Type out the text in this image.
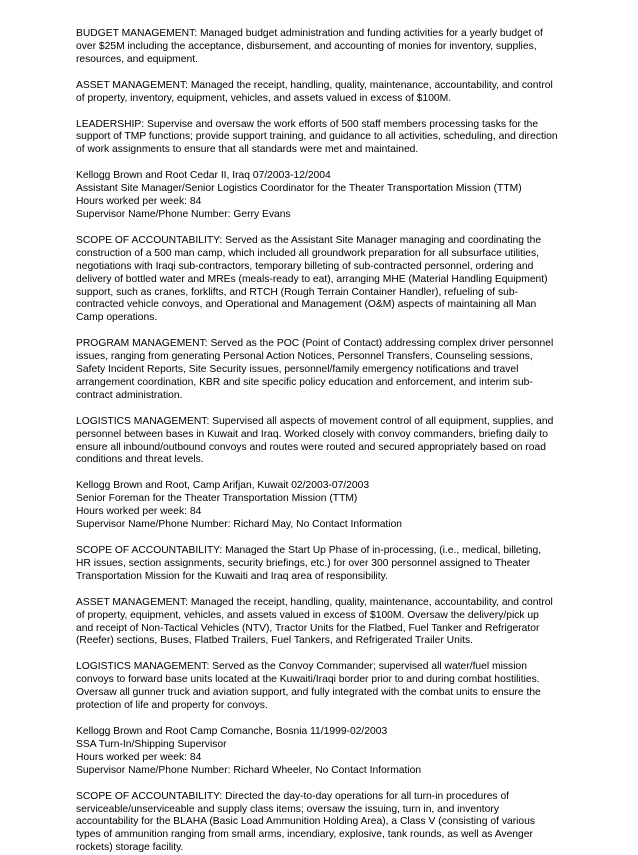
BUDGET MANAGEMENT: Managed budget administration and funding activities for a yearly budget of
over $25M including the acceptance, disbursement, and accounting of monies for inventory, supplies,
resources, and equipment.
ASSET MANAGEMENT: Managed the receipt, handling, quality, maintenance, accountability, and control
of property, inventory, equipment, vehicles, and assets valued in excess of $100M.
LEADERSHIP: Supervise and oversaw the work efforts of 500 staff members processing tasks for the
support of TMP functions; provide support training, and guidance to all activities, scheduling, and direction
of work assignments to ensure that all standards were met and maintained.
Kellogg Brown and Root Cedar II, Iraq 07/2003-12/2004
Assistant Site Manager/Senior Logistics Coordinator for the Theater Transportation Mission (TTM)
Hours worked per week: 84
Supervisor Name/Phone Number: Gerry Evans
SCOPE OF ACCOUNTABILITY: Served as the Assistant Site Manager managing and coordinating the
construction of a 500 man camp, which included all groundwork preparation for all subsurface utilities,
negotiations with Iraqi sub-contractors, temporary billeting of sub-contracted personnel, ordering and
delivery of bottled water and MREs (meals-ready to eat), arranging MHE (Material Handling Equipment)
support, such as cranes, forklifts, and RTCH (Rough Terrain Container Handler), refueling of sub-
contracted vehicle convoys, and Operational and Management (O&M) aspects of maintaining all Man
Camp operations.
PROGRAM MANAGEMENT: Served as the POC (Point of Contact) addressing complex driver personnel
issues, ranging from generating Personal Action Notices, Personnel Transfers, Counseling sessions,
Safety Incident Reports, Site Security issues, personnel/family emergency notifications and travel
arrangement coordination, KBR and site specific policy education and enforcement, and interim sub-
contract administration.
LOGISTICS MANAGEMENT: Supervised all aspects of movement control of all equipment, supplies, and
personnel between bases in Kuwait and Iraq. Worked closely with convoy commanders, briefing daily to
ensure all inbound/outbound convoys and routes were routed and secured appropriately based on road
conditions and threat levels.
Kellogg Brown and Root, Camp Arifjan, Kuwait 02/2003-07/2003
Senior Foreman for the Theater Transportation Mission (TTM)
Hours worked per week: 84
Supervisor Name/Phone Number: Richard May, No Contact Information
SCOPE OF ACCOUNTABILITY: Managed the Start Up Phase of in-processing, (i.e., medical, billeting,
HR issues, section assignments, security briefings, etc.) for over 300 personnel assigned to Theater
Transportation Mission for the Kuwaiti and Iraq area of responsibility.
ASSET MANAGEMENT: Managed the receipt, handling, quality, maintenance, accountability, and control
of property, equipment, vehicles, and assets valued in excess of $100M. Oversaw the delivery/pick up
and receipt of Non-Tactical Vehicles (NTV), Tractor Units for the Flatbed, Fuel Tanker and Refrigerator
(Reefer) sections, Buses, Flatbed Trailers, Fuel Tankers, and Refrigerated Trailer Units.
LOGISTICS MANAGEMENT: Served as the Convoy Commander; supervised all water/fuel mission
convoys to forward base units located at the Kuwaiti/Iraqi border prior to and during combat hostilities.
Oversaw all gunner truck and aviation support, and fully integrated with the combat units to ensure the
protection of life and property for convoys.
Kellogg Brown and Root Camp Comanche, Bosnia 11/1999-02/2003
SSA Turn-In/Shipping Supervisor
Hours worked per week: 84
Supervisor Name/Phone Number: Richard Wheeler, No Contact Information
SCOPE OF ACCOUNTABILITY: Directed the day-to-day operations for all turn-in procedures of
serviceable/unserviceable and supply class items; oversaw the issuing, turn in, and inventory
accountability for the BLAHA (Basic Load Ammunition Holding Area), a Class V (consisting of various
types of ammunition ranging from small arms, incendiary, explosive, tank rounds, as well as Avenger
rockets) storage facility.
